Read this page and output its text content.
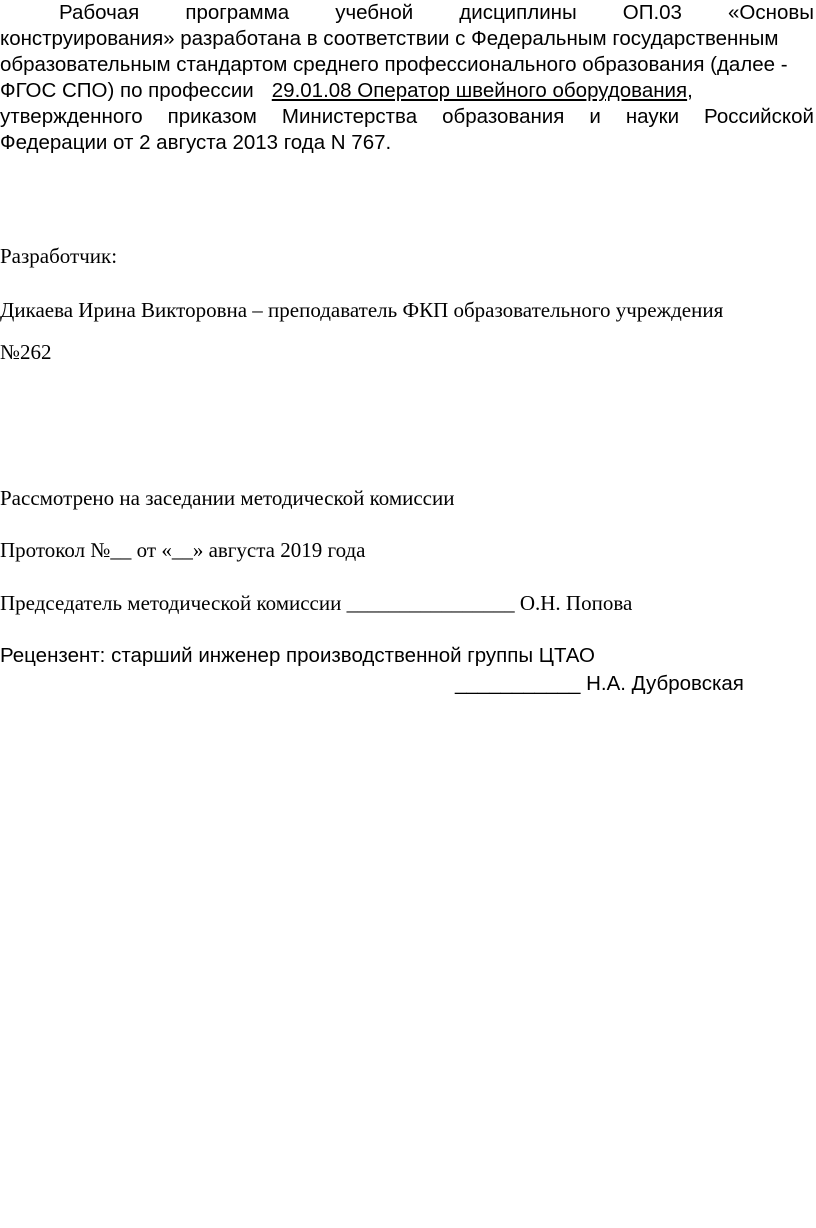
Рабочая программа учебной дисциплины ОП.03 «Основы
конструирования» разработана в соответствии с Федеральным государственным
образовательным стандартом среднего профессионального образования (далее -
ФГОС СПО) по профессии 29.01.08 Оператор швейного оборудования,
утвержденного приказом Министерства образования и науки Российской
Федерации от 2 августа 2013 года N 767.
Разработчик:
Дикаева Ирина Викторовна – преподаватель ФКП образовательного учреждения
№262
Рассмотрено на заседании методической комиссии
Протокол №__ от «__» августа 2019 года
Председатель методической комиссии ________________ О.Н. Попова
Рецензент: старший инженер производственной группы ЦТАО
___________ Н.А. Дубровская
